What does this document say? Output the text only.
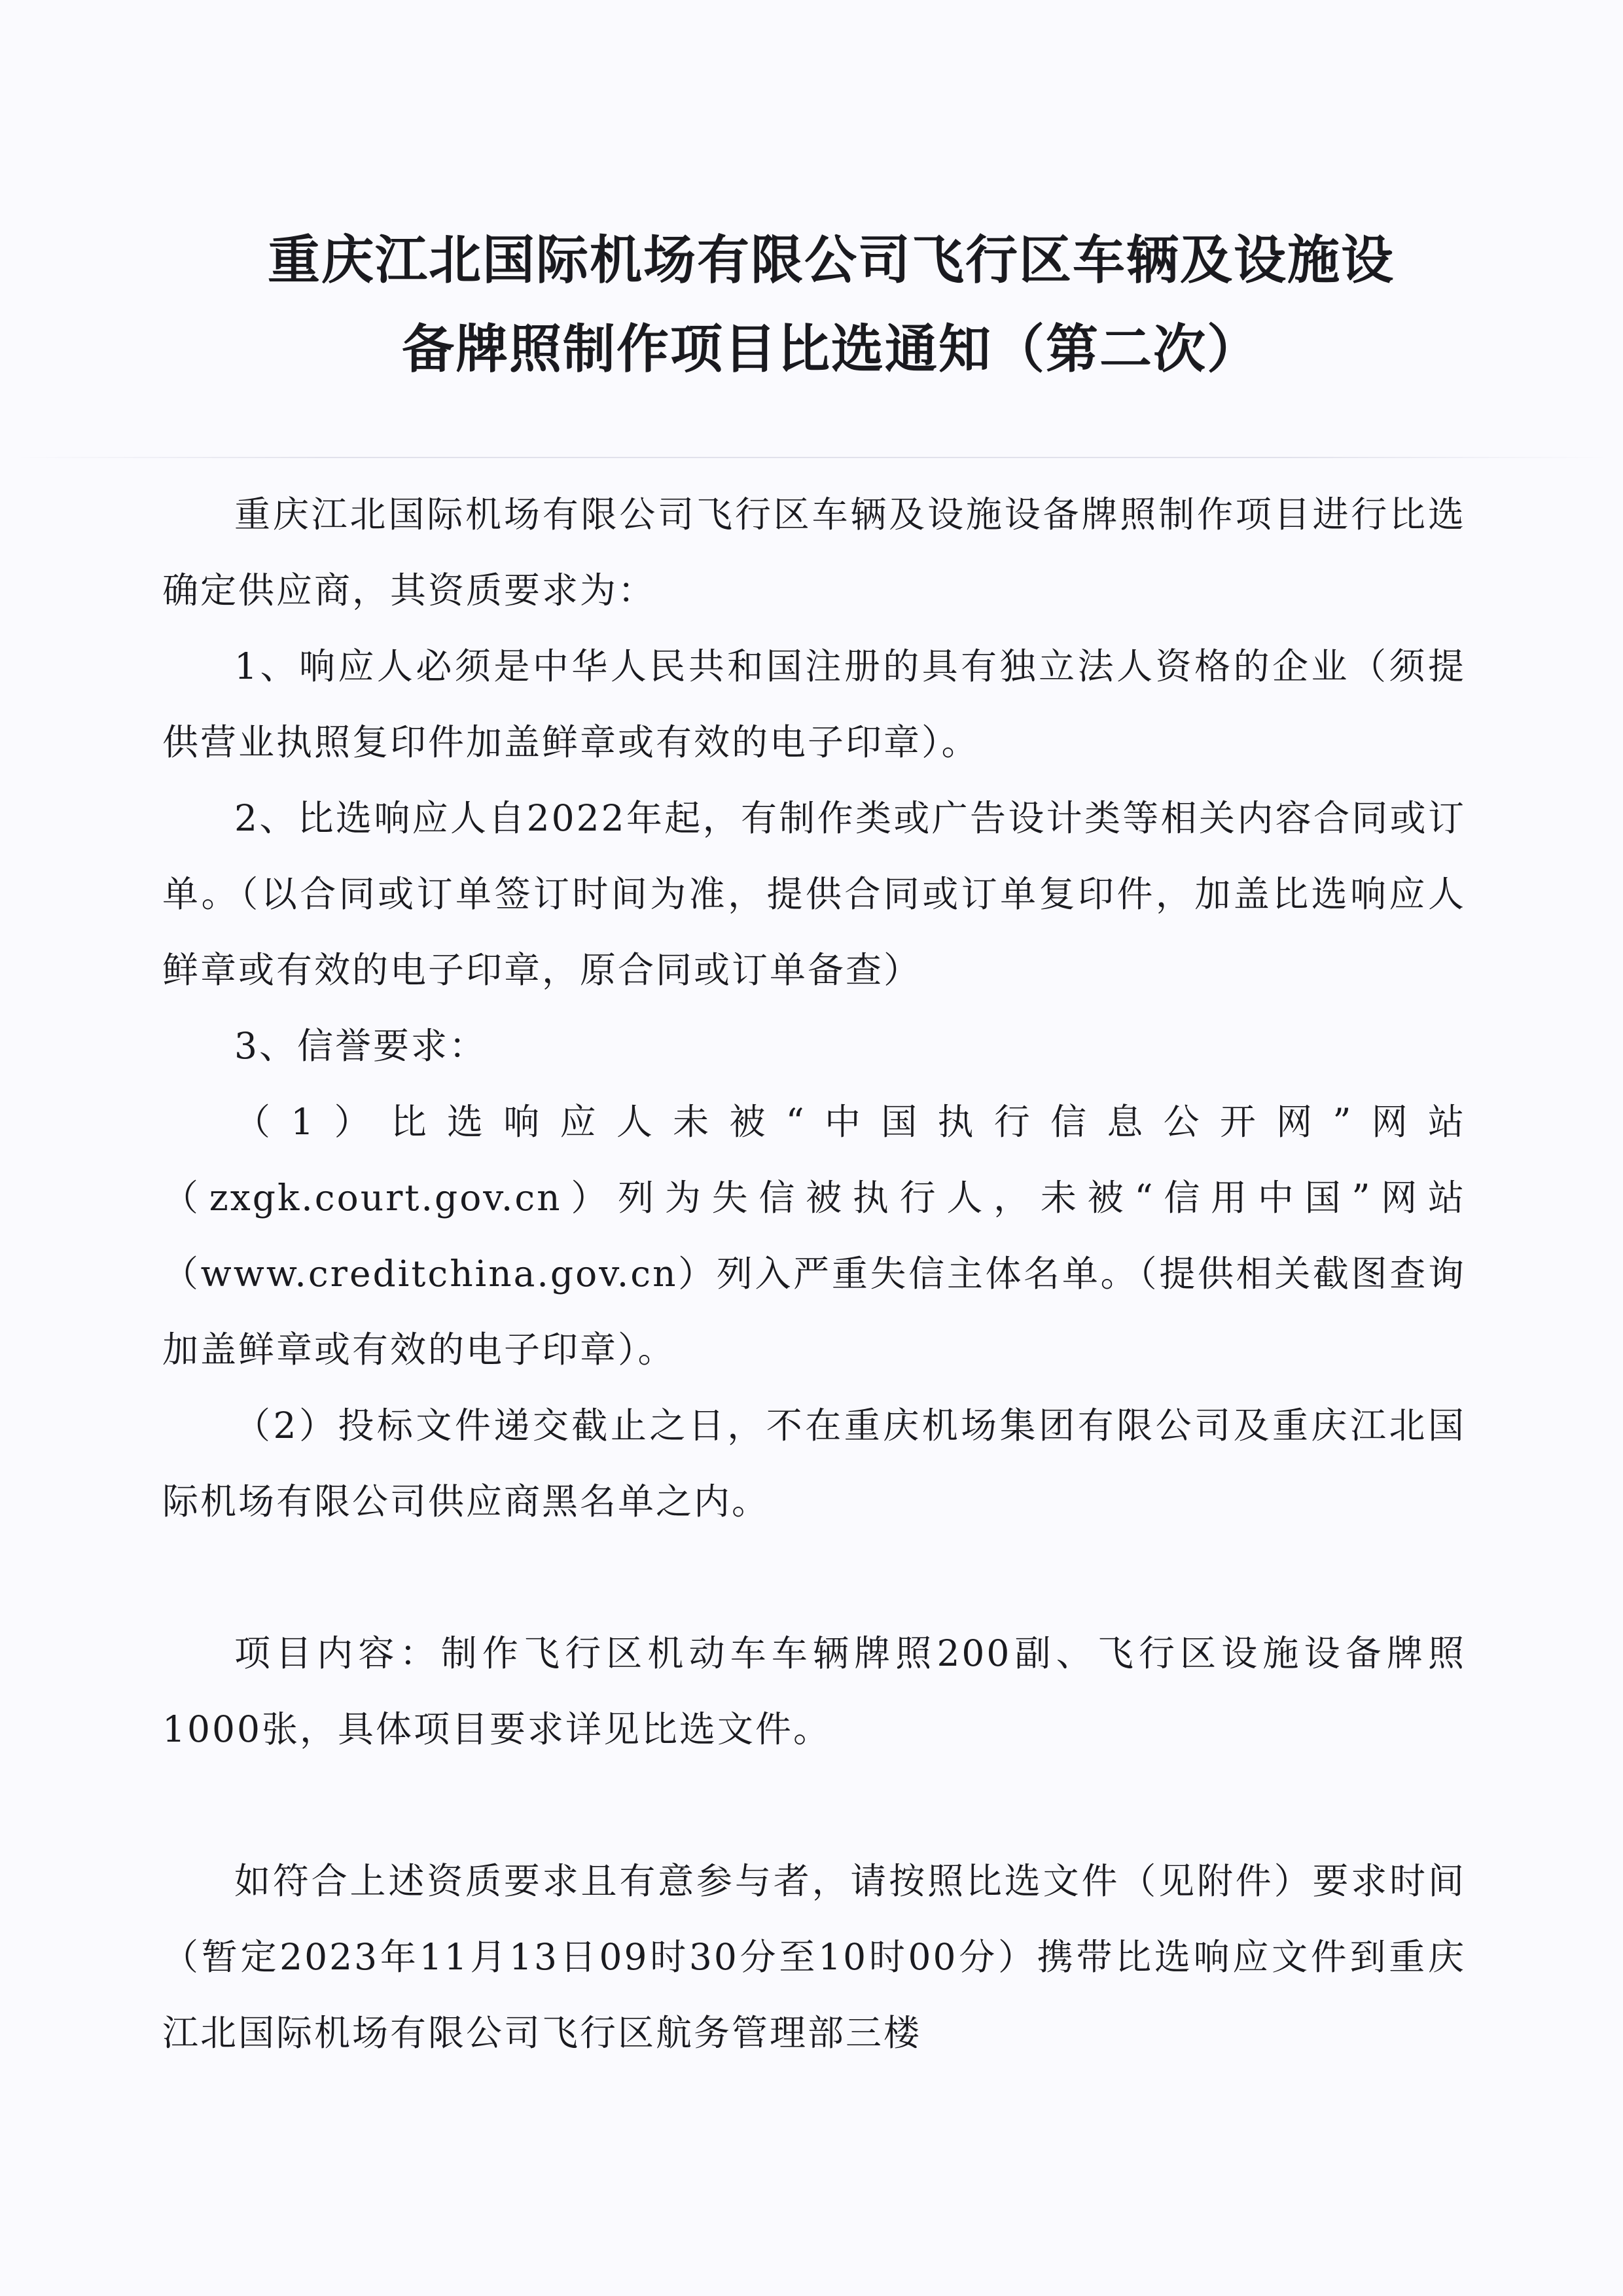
重庆江北国际机场有限公司飞行区车辆及设施设
备牌照制作项目比选通知（第二次）

重庆江北国际机场有限公司飞行区车辆及设施设备牌照制作项目进行比选确定供应商，其资质要求为：

1、响应人必须是中华人民共和国注册的具有独立法人资格的企业（须提供营业执照复印件加盖鲜章或有效的电子印章）。

2、比选响应人自2022年起，有制作类或广告设计类等相关内容合同或订单。（以合同或订单签订时间为准，提供合同或订单复印件，加盖比选响应人鲜章或有效的电子印章，原合同或订单备查）

3、信誉要求：

（1）比选响应人未被“中国执行信息公开网”网站（zxgk.court.gov.cn）列为失信被执行人，未被“信用中国”网站（www.creditchina.gov.cn）列入严重失信主体名单。（提供相关截图查询加盖鲜章或有效的电子印章）。

（2）投标文件递交截止之日，不在重庆机场集团有限公司及重庆江北国际机场有限公司供应商黑名单之内。

项目内容：制作飞行区机动车车辆牌照200副、飞行区设施设备牌照1000张，具体项目要求详见比选文件。

如符合上述资质要求且有意参与者，请按照比选文件（见附件）要求时间（暂定2023年11月13日09时30分至10时00分）携带比选响应文件到重庆江北国际机场有限公司飞行区航务管理部三楼
